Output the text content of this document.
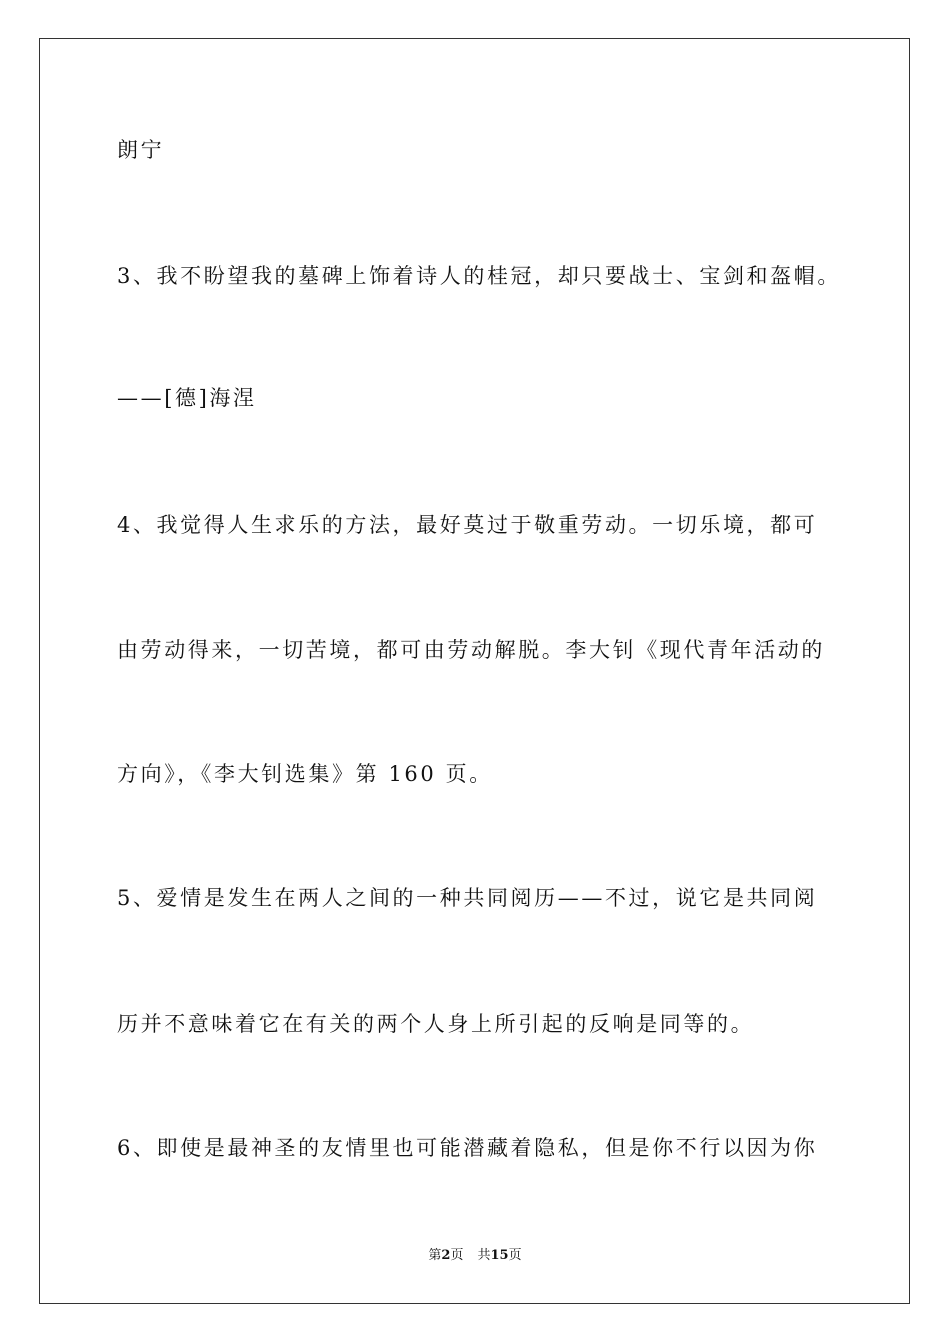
朗宁
3、我不盼望我的墓碑上饰着诗人的桂冠，却只要战士、宝剑和盔帽。
——[德]海涅
4、我觉得人生求乐的方法，最好莫过于敬重劳动。一切乐境，都可
由劳动得来，一切苦境，都可由劳动解脱。李大钊《现代青年活动的
方向》，《李大钊选集》第 160 页。
5、爱情是发生在两人之间的一种共同阅历——不过，说它是共同阅
历并不意味着它在有关的两个人身上所引起的反响是同等的。
6、即使是最神圣的友情里也可能潜藏着隐私，但是你不行以因为你
第2页 共15页
